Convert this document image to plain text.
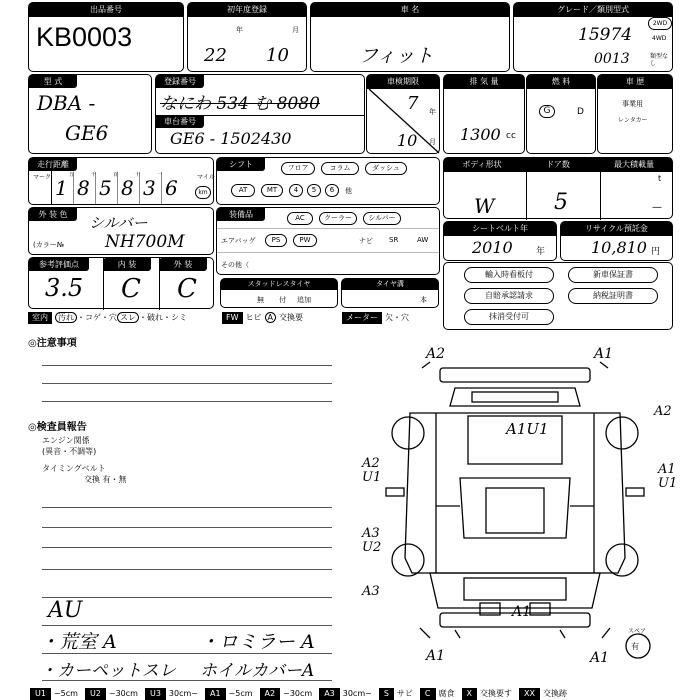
出品番号
KB0003
初年度登録
年	月
22 10
車 名
フィット
グレード／類別型式
15974
0013
2WD
4WD
類型なし
型 式
DBA -
GE6
登録番号
なにわ 534 む 8080
車台番号
GE6 - 1502430
車検期限
7 年
10 月
排 気 量
1300 cc
燃 料
G	D
車 歴
事業用
レンタカー
走行距離
マーク 1 8 5 8 3 6
万	千	百	十	一	マイル
km
シフト	フロア	コラム	ダッシュ
AT	MT	4	5	6	他
ボディ形状	ドア数	最大積載量
W	5
t
—
外 装 色	シルバー
(カラー№ NH700M
装備品	AC	クーラー	シルバー
エアバッグ	PS	PW	ナビ SR	AW
その他（
シートベルト年
2010	年
リサイクル預託金
10,810 円
参考評価点	内 装	外 装
3.5 C C	スタッドレスタイヤ
無 付 追加
タイヤ溝
本
輸入時看板付	新車保証書
自賠承認請求	納税証明書
抹消受付可
室内 汚れ ・コゲ・穴 スレ ・破れ・シミ	FW ヒビ A 交換要	メーター 欠・穴
◎注意事項
◎検査員報告
エンジン関係
(異音・不調等)
タイミングベルト
交換 有・無
AU
・荒室 A	・ロミラー A
・カーペットスレ ホイルカバーA
A2	A1
A1U1
A2
A2
U1
A1
U1
A3
U2
A3
A1
A1	A1
スペア
有
U1 ~5cm U2 ~30cm U3 30cm~ A1 ~5cm A2 ~30cm A3 30cm~ S サビ C 腐食 X 交換要す XX 交換跡
